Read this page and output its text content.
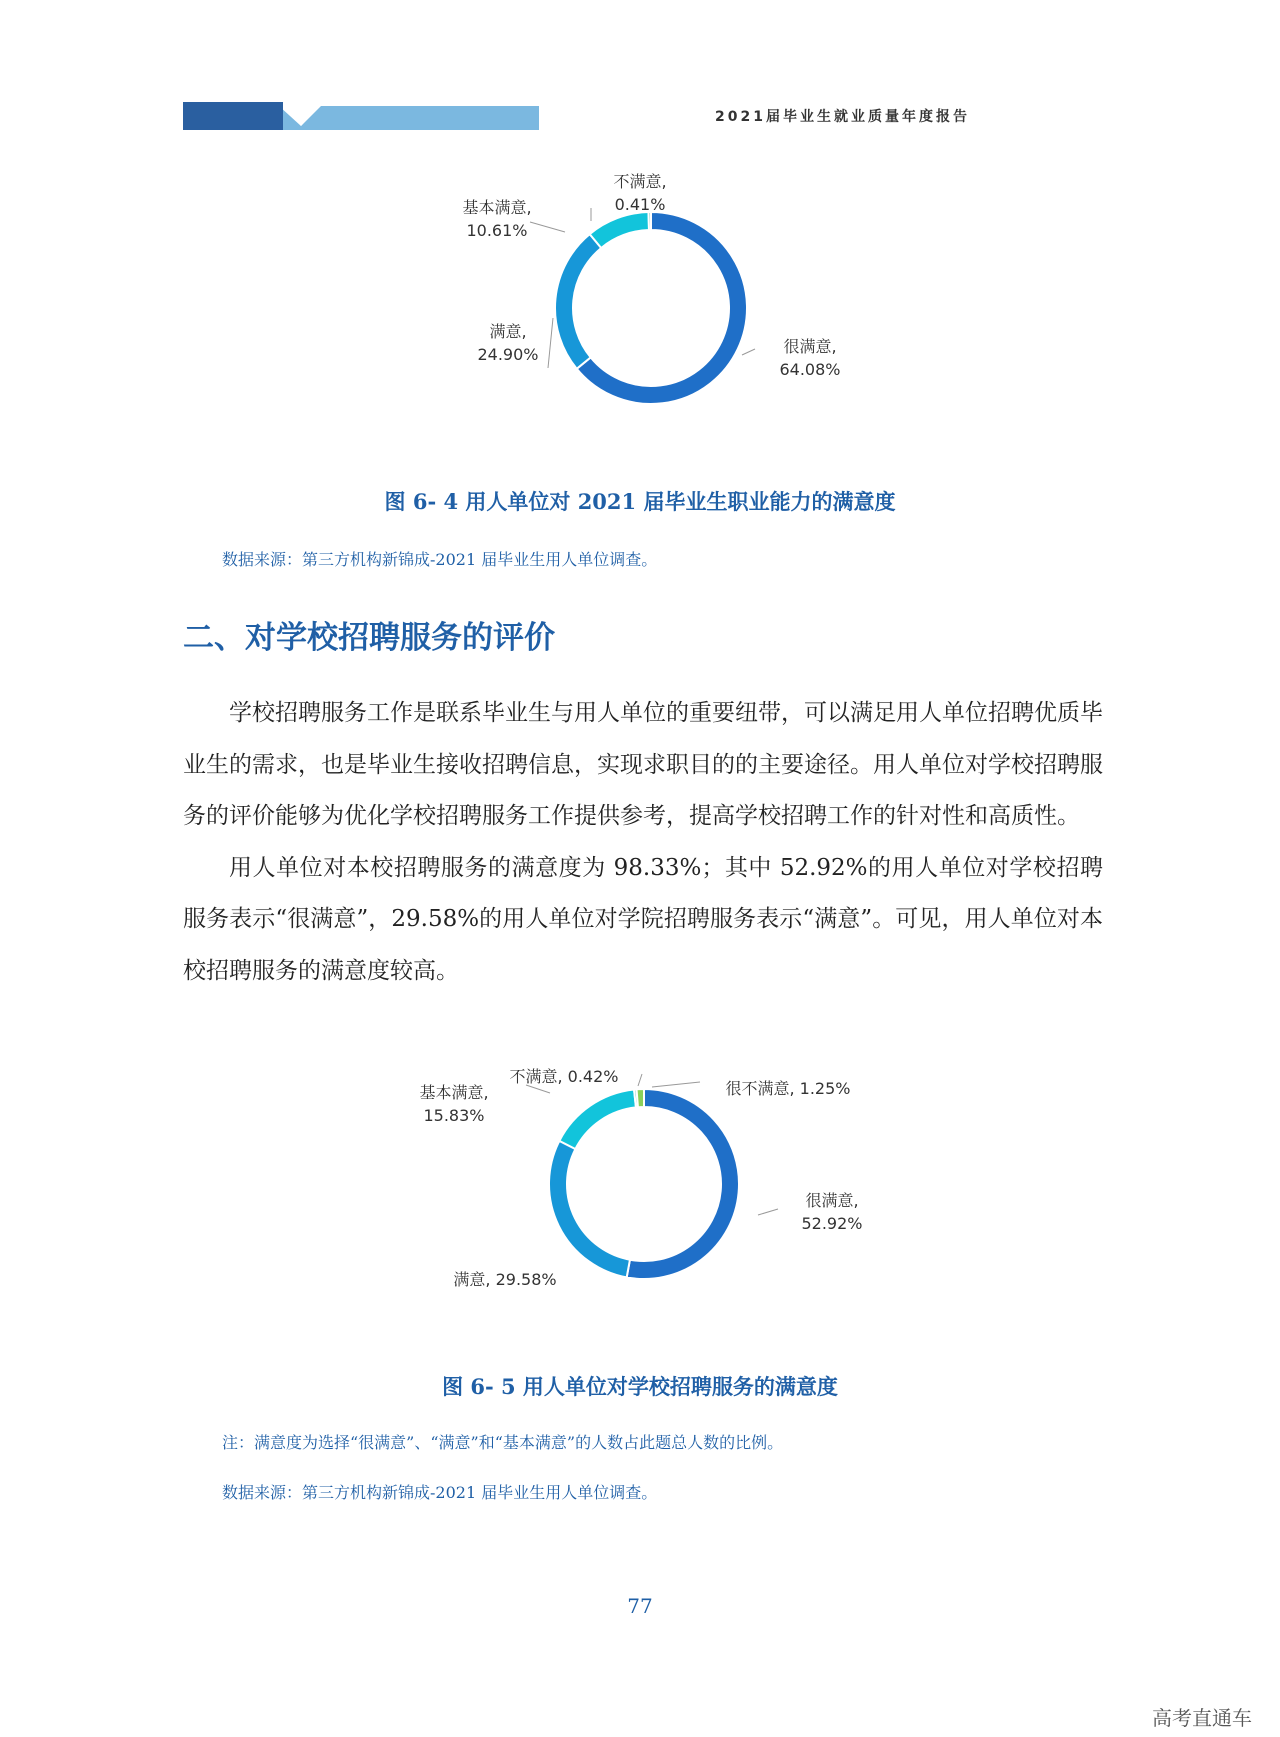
2021届毕业生就业质量年度报告
很满意,
64.08%
满意,
24.90%
基本满意,
10.61%
不满意,
0.41%
图 6- 4 用人单位对 2021 届毕业生职业能力的满意度
数据来源：第三方机构新锦成-2021 届毕业生用人单位调查。
二、对学校招聘服务的评价

学校招聘服务工作是联系毕业生与用人单位的重要纽带，可以满足用人单位招聘优质毕业生的需求，也是毕业生接收招聘信息，实现求职目的的主要途径。用人单位对学校招聘服务的评价能够为优化学校招聘服务工作提供参考，提高学校招聘工作的针对性和高质性。

用人单位对本校招聘服务的满意度为 98.33%；其中 52.92%的用人单位对学校招聘服务表示“很满意”，29.58%的用人单位对学院招聘服务表示“满意”。可见，用人单位对本校招聘服务的满意度较高。

很满意,
52.92%
满意, 29.58%
基本满意,
15.83%
不满意, 0.42%
很不满意, 1.25%
图 6- 5 用人单位对学校招聘服务的满意度
注：满意度为选择“很满意”、“满意”和“基本满意”的人数占此题总人数的比例。
数据来源：第三方机构新锦成-2021 届毕业生用人单位调查。
77
高考直通车
